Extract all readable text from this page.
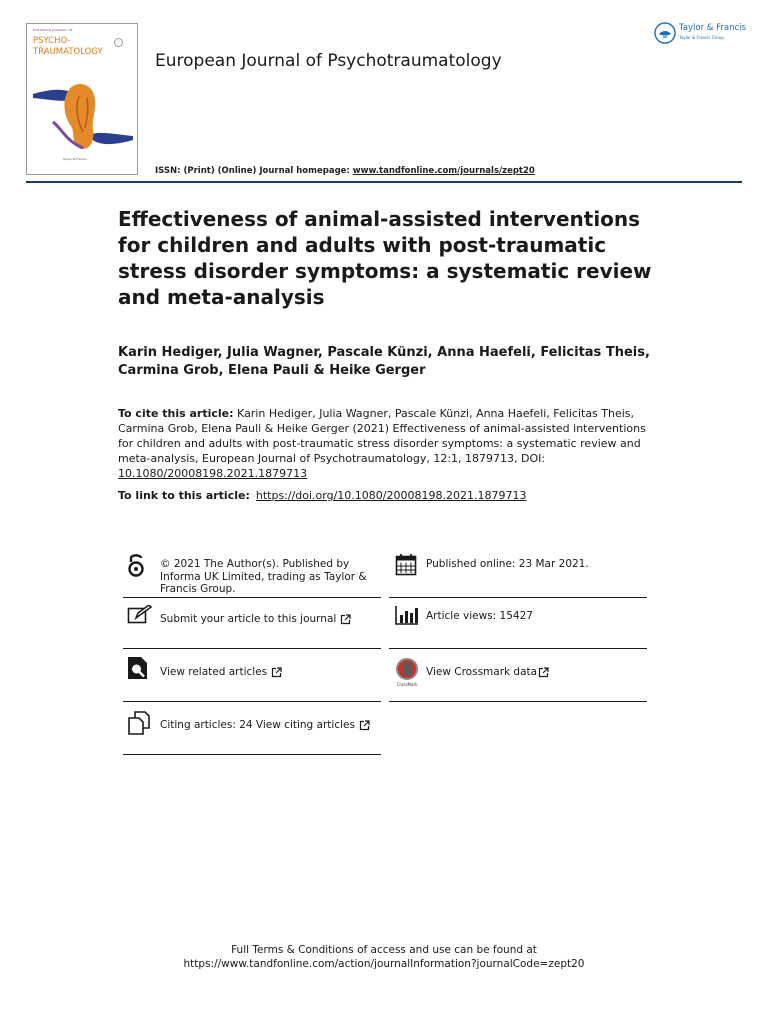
EUROPEAN JOURNAL OF
PSYCHO-
TRAUMATOLOGY
Taylor & Francis
European Journal of Psychotraumatology
Taylor & Francis
Taylor & Francis Group
ISSN: (Print) (Online) Journal homepage: www.tandfonline.com/journals/zept20
Effectiveness of animal-assisted interventions for children and adults with post-traumatic stress disorder symptoms: a systematic review and meta-analysis
Karin Hediger, Julia Wagner, Pascale Künzi, Anna Haefeli, Felicitas Theis,
Carmina Grob, Elena Pauli & Heike Gerger
To cite this article: Karin Hediger, Julia Wagner, Pascale Künzi, Anna Haefeli, Felicitas Theis, Carmina Grob, Elena Pauli & Heike Gerger (2021) Effectiveness of animal-assisted interventions for children and adults with post-traumatic stress disorder symptoms: a systematic review and meta-analysis, European Journal of Psychotraumatology, 12:1, 1879713, DOI: 10.1080/20008198.2021.1879713
To link to this article: https://doi.org/10.1080/20008198.2021.1879713
© 2021 The Author(s). Published by Informa UK Limited, trading as Taylor & Francis Group.
Submit your article to this journal
View related articles
Citing articles: 24 View citing articles
Published online: 23 Mar 2021.
Article views: 15427
CrossMark
View Crossmark data
Full Terms & Conditions of access and use can be found at
https://www.tandfonline.com/action/journalInformation?journalCode=zept20
